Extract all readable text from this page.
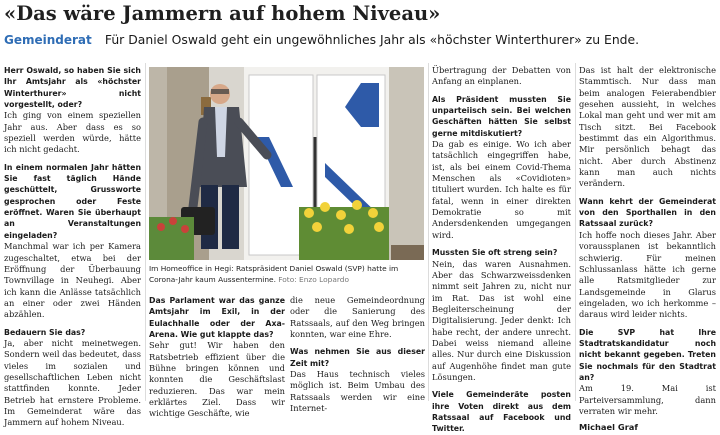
«Das wäre Jammern auf hohem Niveau»
Gemeinderat Für Daniel Oswald geht ein ungewöhnliches Jahr als «höchster Winterthurer» zu Ende.

Herr Oswald, so haben Sie sich Ihr Amtsjahr als «höchster Winterthurer» nicht vorgestellt, oder?

Ich ging von einem speziellen Jahr aus. Aber dass es so speziell werden würde, hätte ich nicht gedacht.

In einem normalen Jahr hätten Sie fast täglich Hände geschüttelt, Grussworte gesprochen oder Feste eröffnet. Waren Sie überhaupt an Veranstaltungen eingeladen?

Manchmal war ich per Kamera zugeschaltet, etwa bei der Eröffnung der Überbauung Townvillage in Neuhegi. Aber ich kann die Anlässe tatsächlich an einer oder zwei Händen abzählen.

Bedauern Sie das?

Ja, aber nicht meinetwegen. Sondern weil das bedeutet, dass vieles im sozialen und gesellschaftlichen Leben nicht stattfinden konnte. Jeder Betrieb hat ernstere Probleme. Im Gemeinderat wäre das Jammern auf hohem Niveau.

Im Homeoffice in Hegi: Ratspräsident Daniel Oswald (SVP) hatte im Corona-Jahr kaum Aussentermine. Foto: Enzo Lopardo

Das Parlament war das ganze Amtsjahr im Exil, in der Eulachhalle oder der Axa-Arena. Wie gut klappte das?

Sehr gut! Wir haben den Ratsbetrieb effizient über die Bühne bringen können und konnten die Geschäftslast reduzieren. Das war mein erklärtes Ziel. Dass wir wichtige Geschäfte, wie

die neue Gemeindeordnung oder die Sanierung des Ratssaals, auf den Weg bringen konnten, war eine Ehre.

Was nehmen Sie aus dieser Zeit mit?

Das Haus technisch vieles möglich ist. Beim Umbau des Ratssaals werden wir eine Internet-

Übertragung der Debatten von Anfang an einplanen.

Als Präsident mussten Sie unparteiisch sein. Bei welchen Geschäften hätten Sie selbst gerne mitdiskutiert?

Da gab es einige. Wo ich aber tatsächlich eingegriffen habe, ist, als bei einem Covid-Thema Menschen als «Covidioten» tituliert wurden. Ich halte es für fatal, wenn in einer direkten Demokratie so mit Andersdenkenden umgegangen wird.

Mussten Sie oft streng sein?

Nein, das waren Ausnahmen. Aber das Schwarzweissdenken nimmt seit Jahren zu, nicht nur im Rat. Das ist wohl eine Begleiterscheinung der Digitalisierung. Jeder denkt: Ich habe recht, der andere unrecht. Dabei weiss niemand alleine alles. Nur durch eine Diskussion auf Augenhöhe findet man gute Lösungen.

Viele Gemeinderäte posten ihre Voten direkt aus dem Ratssaal auf Facebook und Twitter.

Das ist halt der elektronische Stammtisch. Nur dass man beim analogen Feierabendbier gesehen aussieht, in welches Lokal man geht und wer mit am Tisch sitzt. Bei Facebook bestimmt das ein Algorithmus. Mir persönlich behagt das nicht. Aber durch Abstinenz kann man auch nichts verändern.

Wann kehrt der Gemeinderat von den Sporthallen in den Ratssaal zurück?

Ich hoffe noch dieses Jahr. Aber voraussplanen ist bekanntlich schwierig. Für meinen Schlussanlass hätte ich gerne alle Ratsmitglieder zur Landsgemeinde in Glarus eingeladen, wo ich herkomme – daraus wird leider nichts.

Die SVP hat Ihre Stadtratskandidatur noch nicht bekannt gegeben. Treten Sie nochmals für den Stadtrat an?

Am 19. Mai ist Parteiversammlung, dann verraten wir mehr.

Michael Graf
